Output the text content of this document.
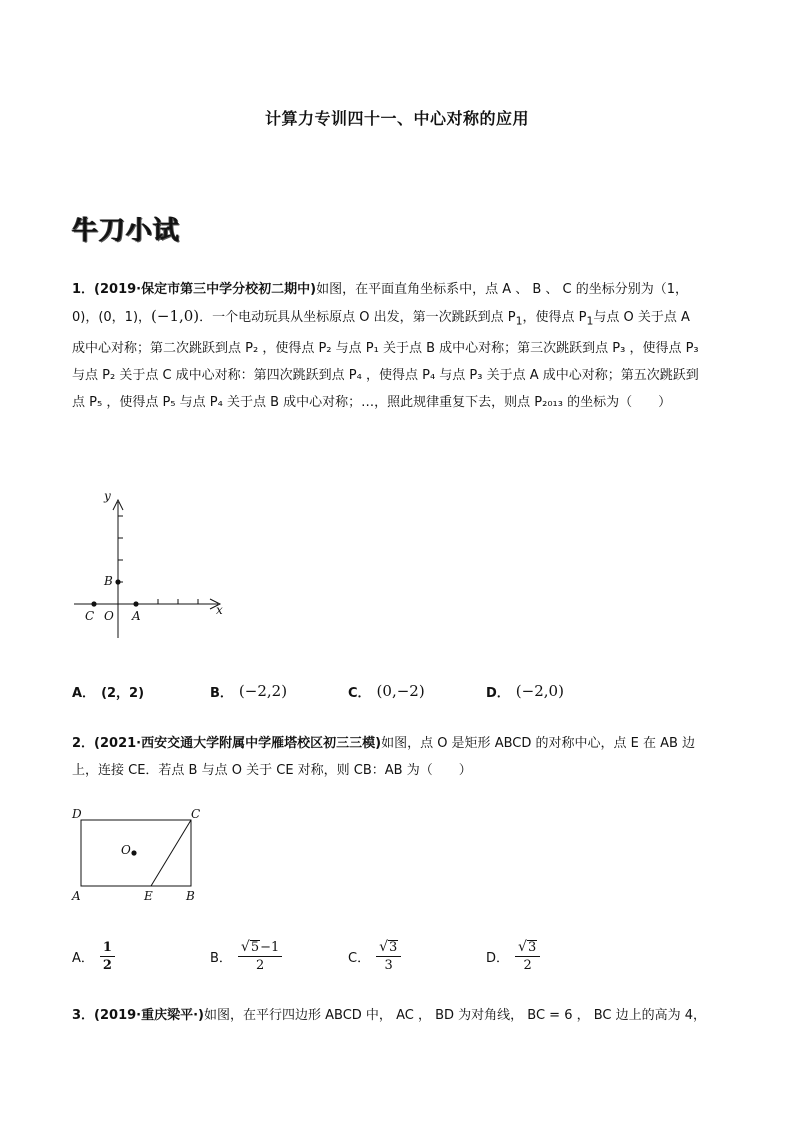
计算力专训四十一、中心对称的应用
牛刀小试
1．(2019·保定市第三中学分校初二期中)如图，在平面直角坐标系中，点 A 、 B 、 C 的坐标分别为（1，
0)，(0，1)，(−1,0)．一个电动玩具从坐标原点 O 出发，第一次跳跃到点 $P_1$，使得点 $P_1$与点 O 关于点 A
成中心对称；第二次跳跃到点 P₂ ，使得点 P₂ 与点 P₁ 关于点 B 成中心对称；第三次跳跃到点 P₃ ，使得点 P₃
与点 P₂ 关于点 C 成中心对称：第四次跳跃到点 P₄ ，使得点 P₄ 与点 P₃ 关于点 A 成中心对称；第五次跳跃到
点 P₅ ，使得点 P₅ 与点 P₄ 关于点 B 成中心对称；…，照此规律重复下去，则点 P₂₀₁₃ 的坐标为（　　）
y
x
B
C O A
A． (2，2)	B． (−2,2)	C． (0,−2)	D． (−2,0)
2．(2021·西安交通大学附属中学雁塔校区初三三模)如图，点 O 是矩形 ABCD 的对称中心，点 E 在 AB 边
上，连接 CE．若点 B 与点 O 关于 CE 对称，则 CB：AB 为（　　）
D	C
O
A	E	B
A． $\frac{1}{2}$	B． $\frac{√ 5 -1}{2}$	C． $\frac{√ 3}{3}$	D． $\frac{√ 3}{2}$
3．(2019·重庆梁平·)如图，在平行四边形 ABCD 中， AC ， BD 为对角线， BC = 6 ， BC 边上的高为 4，
